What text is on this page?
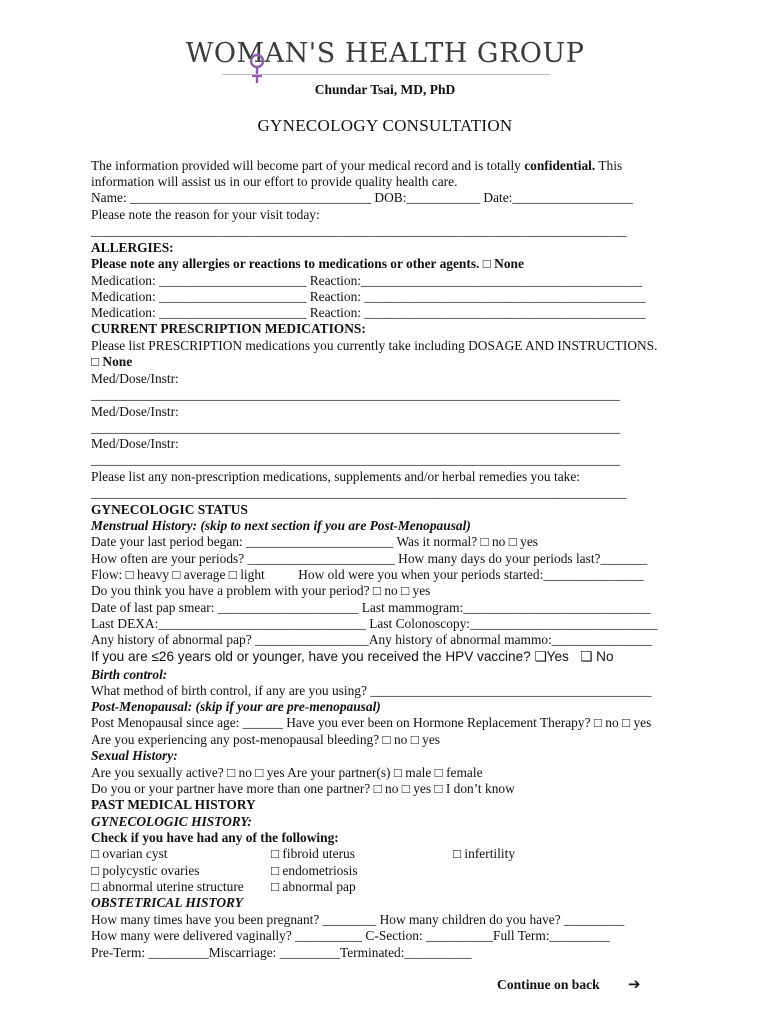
WOMAN'S HEALTH GROUP
Chundar Tsai, MD, PhD
GYNECOLOGY CONSULTATION
The information provided will become part of your medical record and is totally confidential. This
information will assist us in our effort to provide quality health care.
Name: ____________________________________ DOB:___________ Date:__________________
Please note the reason for your visit today:
________________________________________________________________________________
ALLERGIES:
Please note any allergies or reactions to medications or other agents. □ None
Medication: ______________________ Reaction:__________________________________________
Medication: ______________________ Reaction: __________________________________________
Medication: ______________________ Reaction: __________________________________________
CURRENT PRESCRIPTION MEDICATIONS:
Please list PRESCRIPTION medications you currently take including DOSAGE AND INSTRUCTIONS.
□ None
Med/Dose/Instr:
_______________________________________________________________________________
Med/Dose/Instr:
_______________________________________________________________________________
Med/Dose/Instr:
_______________________________________________________________________________
Please list any non-prescription medications, supplements and/or herbal remedies you take:
________________________________________________________________________________
GYNECOLOGIC STATUS
Menstrual History: (skip to next section if you are Post-Menopausal)
Date your last period began: ______________________ Was it normal? □ no □ yes
How often are your periods? ______________________ How many days do your periods last?_______
Flow: □ heavy □ average □ light          How old were you when your periods started:_______________
Do you think you have a problem with your period? □ no □ yes
Date of last pap smear: _____________________ Last mammogram:____________________________
Last DEXA:_______________________________ Last Colonoscopy:____________________________
Any history of abnormal pap? _________________Any history of abnormal mammo:_______________
If you are ≤26 years old or younger, have you received the HPV vaccine? ❏Yes   ❏ No
Birth control:
What method of birth control, if any are you using? __________________________________________
Post-Menopausal: (skip if your are pre-menopausal)
Post Menopausal since age: ______ Have you ever been on Hormone Replacement Therapy? □ no □ yes
Are you experiencing any post-menopausal bleeding? □ no □ yes
Sexual History:
Are you sexually active? □ no □ yes Are your partner(s) □ male □ female
Do you or your partner have more than one partner? □ no □ yes □ I don’t know
PAST MEDICAL HISTORY
GYNECOLOGIC HISTORY:
Check if you have had any of the following:
□ ovarian cyst
□ polycystic ovaries
□ abnormal uterine structure
□ fibroid uterus
□ endometriosis
□ abnormal pap
□ infertility
OBSTETRICAL HISTORY
How many times have you been pregnant? ________ How many children do you have? _________
How many were delivered vaginally? __________ C-Section: __________Full Term:_________
Pre-Term: _________Miscarriage: _________Terminated:__________
Continue on back ➔
